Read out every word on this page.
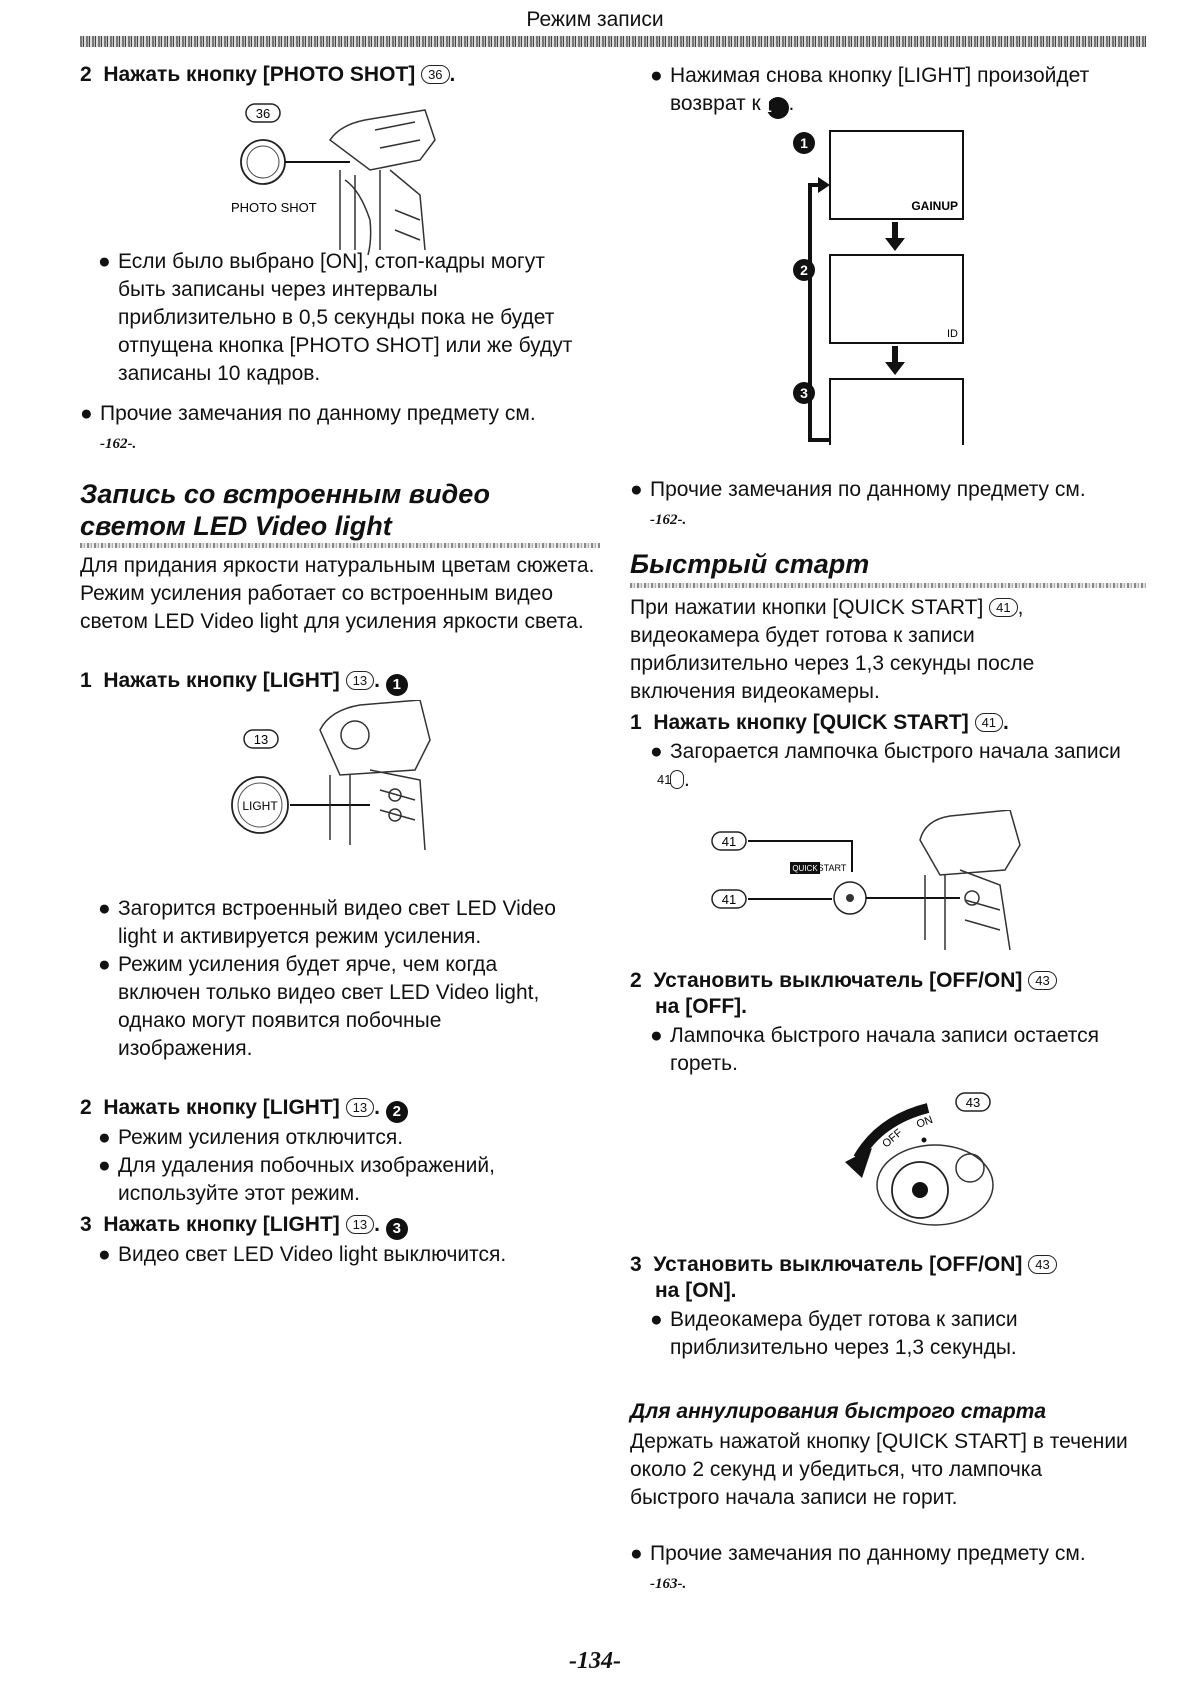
Режим записи
2 Нажать кнопку [PHOTO SHOT] 36 .
36
PHOTO SHOT
● Если было выбрано [ON], стоп-кадры могут быть записаны через интервалы приблизительно в 0,5 секунды пока не будет отпущена кнопка [PHOTO SHOT] или же будут записаны 10 кадров.
● Прочие замечания по данному предмету см.
-162-.
Запись со встроенным видео
светом LED Video light
Для придания яркости натуральным цветам сюжета. Режим усиления работает со встроенным видео светом LED Video light для усиления яркости света.
1 Нажать кнопку [LIGHT] 13 . 1
13
LIGHT
● Загорится встроенный видео свет LED Video light и активируется режим усиления.
● Режим усиления будет ярче, чем когда включен только видео свет LED Video light, однако могут появится побочные изображения.
2 Нажать кнопку [LIGHT] 13 . 2
● Режим усиления отключится.
● Для удаления побочных изображений, используйте этот режим.
3 Нажать кнопку [LIGHT] 13 . 3
● Видео свет LED Video light выключится.
● Нажимая снова кнопку [LIGHT] произойдет возврат к 1 .
1
2
3
GAINUP
ID
● Прочие замечания по данному предмету см.
-162-.
Быстрый старт
При нажатии кнопки [QUICK START] 41 , видеокамера будет готова к записи приблизительно через 1,3 секунды после включения видеокамеры.
1 Нажать кнопку [QUICK START] 41 .
● Загорается лампочка быстрого начала записи 41 .
41
41
QUICK START
2 Установить выключатель [OFF/ON] 43
на [OFF].
● Лампочка быстрого начала записи остается гореть.
43
OFF
ON
3 Установить выключатель [OFF/ON] 43
на [ON].
● Видеокамера будет готова к записи приблизительно через 1,3 секунды.
Для аннулирования быстрого старта
Держать нажатой кнопку [QUICK START] в течении около 2 секунд и убедиться, что лампочка быстрого начала записи не горит.
● Прочие замечания по данному предмету см.
-163-.
-134-
